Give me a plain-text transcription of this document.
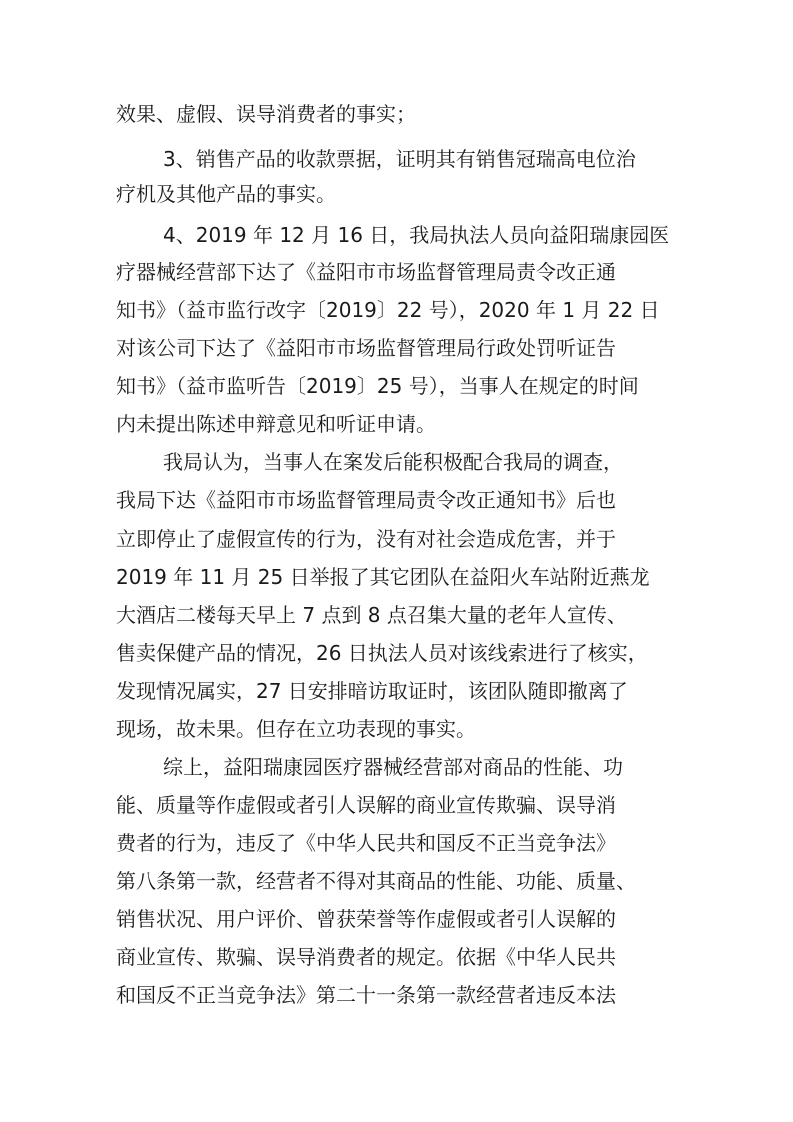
效果、虚假、误导消费者的事实；
3、销售产品的收款票据，证明其有销售冠瑞高电位治
疗机及其他产品的事实。
4、2019 年 12 月 16 日，我局执法人员向益阳瑞康园医
疗器械经营部下达了《益阳市市场监督管理局责令改正通
知书》（益市监行改字〔2019〕22 号），2020 年 1 月 22 日
对该公司下达了《益阳市市场监督管理局行政处罚听证告
知书》（益市监听告〔2019〕25 号），当事人在规定的时间
内未提出陈述申辩意见和听证申请。
我局认为，当事人在案发后能积极配合我局的调查，
我局下达《益阳市市场监督管理局责令改正通知书》后也
立即停止了虚假宣传的行为，没有对社会造成危害，并于
2019 年 11 月 25 日举报了其它团队在益阳火车站附近燕龙
大酒店二楼每天早上 7 点到 8 点召集大量的老年人宣传、
售卖保健产品的情况，26 日执法人员对该线索进行了核实，
发现情况属实，27 日安排暗访取证时，该团队随即撤离了
现场，故未果。但存在立功表现的事实。
综上，益阳瑞康园医疗器械经营部对商品的性能、功
能、质量等作虚假或者引人误解的商业宣传欺骗、误导消
费者的行为，违反了《中华人民共和国反不正当竞争法》
第八条第一款，经营者不得对其商品的性能、功能、质量、
销售状况、用户评价、曾获荣誉等作虚假或者引人误解的
商业宣传、欺骗、误导消费者的规定。依据《中华人民共
和国反不正当竞争法》第二十一条第一款经营者违反本法
